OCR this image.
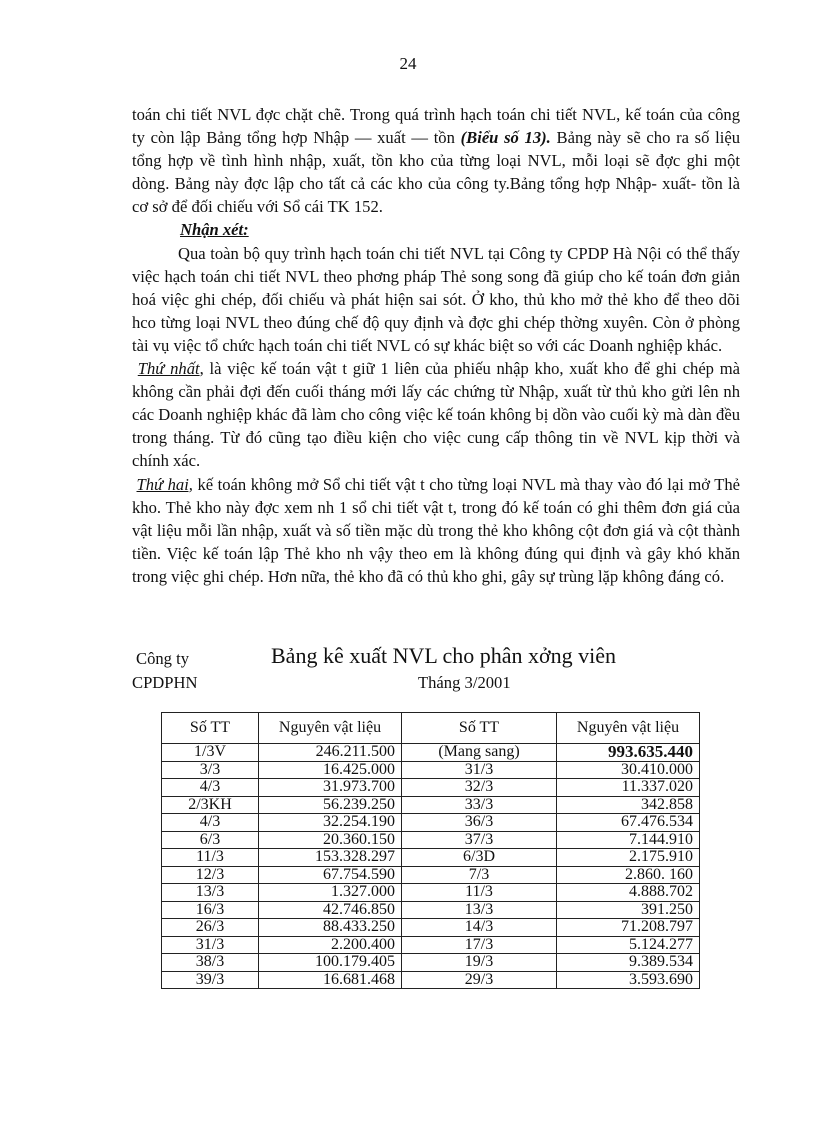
24

toán chi tiết NVL đợc chặt chẽ. Trong quá trình hạch toán chi tiết NVL, kế toán của công ty còn lập Bảng tổng hợp Nhập — xuất — tồn (Biểu số 13). Bảng này sẽ cho ra số liệu tổng hợp về tình hình nhập, xuất, tồn kho của từng loại NVL, mỗi loại sẽ đợc ghi một dòng. Bảng này đợc lập cho tất cả các kho của công ty.Bảng tổng hợp Nhập- xuất- tồn là cơ sở để đối chiếu với Sổ cái TK 152.

Nhận xét:

Qua toàn bộ quy trình hạch toán chi tiết NVL tại Công ty CPDP Hà Nội có thể thấy việc hạch toán chi tiết NVL theo phơng pháp Thẻ song song đã giúp cho kế toán đơn giản hoá việc ghi chép, đối chiếu và phát hiện sai sót. Ở kho, thủ kho mở thẻ kho để theo dõi hco từng loại NVL theo đúng chế độ quy định và đợc ghi chép thờng xuyên. Còn ở phòng tài vụ việc tổ chức hạch toán chi tiết NVL có sự khác biệt so với các Doanh nghiệp khác.

Thứ nhất, là việc kế toán vật t giữ 1 liên của phiếu nhập kho, xuất kho để ghi chép mà không cần phải đợi đến cuối tháng mới lấy các chứng từ Nhập, xuất từ thủ kho gửi lên nh các Doanh nghiệp khác đã làm cho công việc kế toán không bị dồn vào cuối kỳ mà dàn đều trong tháng. Từ đó cũng tạo điều kiện cho việc cung cấp thông tin về NVL kịp thời và chính xác.

Thứ hai, kế toán không mở Sổ chi tiết vật t cho từng loại NVL mà thay vào đó lại mở Thẻ kho. Thẻ kho này đợc xem nh 1 sổ chi tiết vật t, trong đó kế toán có ghi thêm đơn giá của vật liệu mỗi lần nhập, xuất và số tiền mặc dù trong thẻ kho không cột đơn giá và cột thành tiền. Việc kế toán lập Thẻ kho nh vậy theo em là không đúng qui định và gây khó khăn trong việc ghi chép. Hơn nữa, thẻ kho đã có thủ kho ghi, gây sự trùng lặp không đáng có.

Công ty	Bảng kê xuất NVL cho phân xởng viên
CPDPHN	Tháng 3/2001
Số TT	Nguyên vật liệu	Số TT	Nguyên vật liệu
1/3V	246.211.500	(Mang sang)	993.635.440
3/3	16.425.000	31/3	30.410.000
4/3	31.973.700	32/3	11.337.020
2/3KH	56.239.250	33/3	342.858
4/3	32.254.190	36/3	67.476.534
6/3	20.360.150	37/3	7.144.910
11/3	153.328.297	6/3D	2.175.910
12/3	67.754.590	7/3	2.860. 160
13/3	1.327.000	11/3	4.888.702
16/3	42.746.850	13/3	391.250
26/3	88.433.250	14/3	71.208.797
31/3	2.200.400	17/3	5.124.277
38/3	100.179.405	19/3	9.389.534
39/3	16.681.468	29/3	3.593.690
